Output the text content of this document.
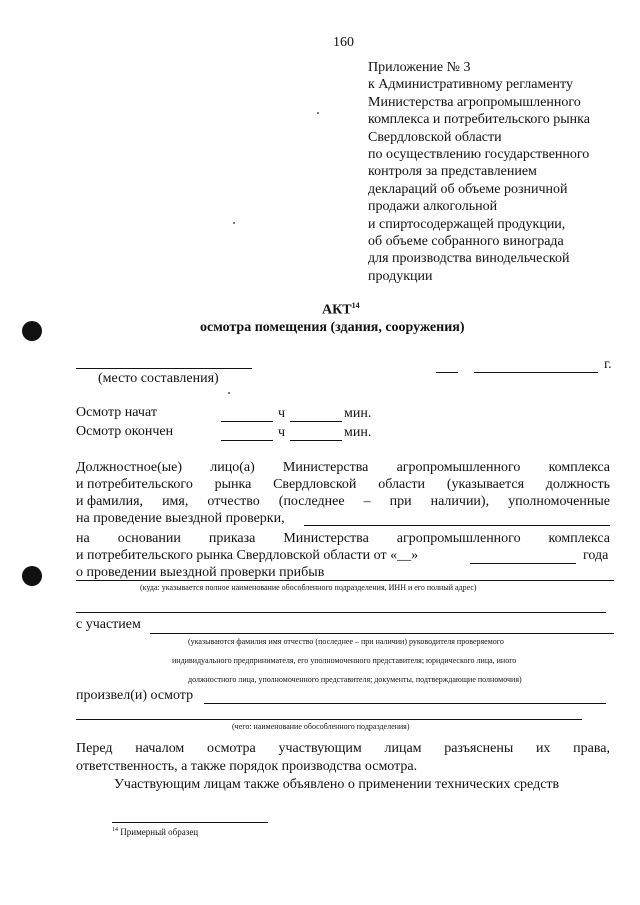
160
Приложение № 3
к Административному регламенту
Министерства агропромышленного
комплекса и потребительского рынка
Свердловской области
по осуществлению государственного
контроля за представлением
деклараций об объеме розничной
продажи алкогольной
и спиртосодержащей продукции,
об объеме собранного винограда
для производства винодельческой
продукции
АКТ$^{14}$
осмотра помещения (здания, сооружения)
(место составления)
г.
Осмотр начат	ч	мин.
Осмотр окончен	ч	мин.
Должностное(ые) лицо(а) Министерства агропромышленного комплекса
и потребительского рынка Свердловской области (указывается должность
и фамилия, имя, отчество (последнее – при наличии), уполномоченные
на проведение выездной проверки,
на основании приказа Министерства агропромышленного комплекса
и потребительского рынка Свердловской области от «__»	года
о проведении выездной проверки прибыв
(куда: указывается полное наименование обособленного подразделения, ИНН и его полный адрес)
с участием
(указываются фамилия имя отчество (последнее – при наличии) руководителя проверяемого
индивидуального предпринимателя, его уполномоченного представителя; юридического лица, иного
должностного лица, уполномоченного представителя; документы, подтверждающие полномочия)
произвел(и) осмотр
(чего: наименование обособленного подразделения)
Перед началом осмотра участвующим лицам разъяснены их права,
ответственность, а также порядок производства осмотра.
Участвующим лицам также объявлено о применении технических средств
$^{14}$ Примерный образец
